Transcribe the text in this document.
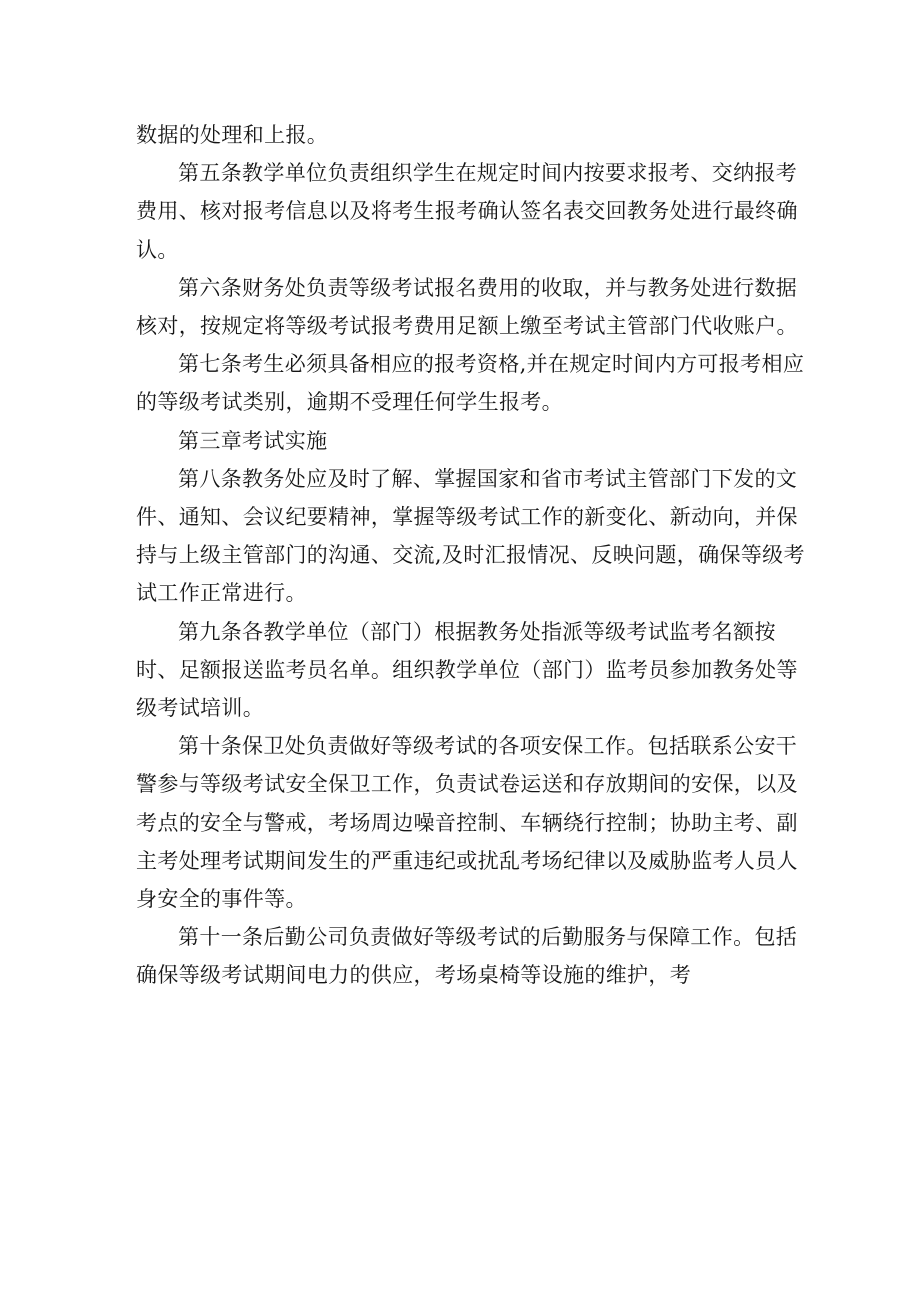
数据的处理和上报。

第五条教学单位负责组织学生在规定时间内按要求报考、交纳报考费用、核对报考信息以及将考生报考确认签名表交回教务处进行最终确认。

第六条财务处负责等级考试报名费用的收取，并与教务处进行数据核对，按规定将等级考试报考费用足额上缴至考试主管部门代收账户。

第七条考生必须具备相应的报考资格,并在规定时间内方可报考相应的等级考试类别，逾期不受理任何学生报考。

第三章考试实施

第八条教务处应及时了解、掌握国家和省市考试主管部门下发的文件、通知、会议纪要精神，掌握等级考试工作的新变化、新动向，并保持与上级主管部门的沟通、交流,及时汇报情况、反映问题，确保等级考试工作正常进行。

第九条各教学单位（部门）根据教务处指派等级考试监考名额按时、足额报送监考员名单。组织教学单位（部门）监考员参加教务处等级考试培训。

第十条保卫处负责做好等级考试的各项安保工作。包括联系公安干警参与等级考试安全保卫工作，负责试卷运送和存放期间的安保，以及考点的安全与警戒，考场周边噪音控制、车辆绕行控制；协助主考、副主考处理考试期间发生的严重违纪或扰乱考场纪律以及威胁监考人员人身安全的事件等。

第十一条后勤公司负责做好等级考试的后勤服务与保障工作。包括确保等级考试期间电力的供应，考场桌椅等设施的维护，考
